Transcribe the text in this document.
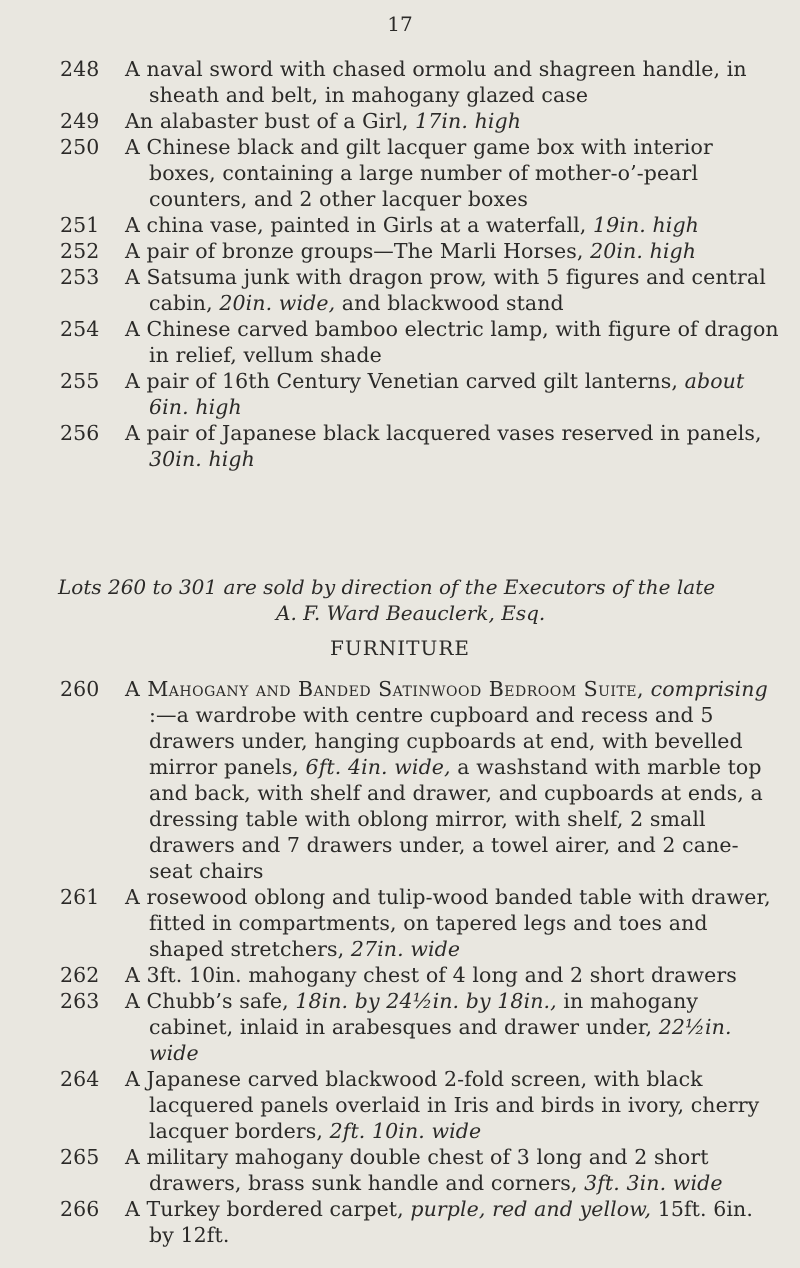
17
248	A naval sword with chased ormolu and shagreen handle, in sheath and belt, in mahogany glazed case
249	An alabaster bust of a Girl, 17in. high
250	A Chinese black and gilt lacquer game box with interior boxes, containing a large number of mother-o’-pearl counters, and 2 other lacquer boxes
251	A china vase, painted in Girls at a waterfall, 19in. high
252	A pair of bronze groups—The Marli Horses, 20in. high
253	A Satsuma junk with dragon prow, with 5 figures and central cabin, 20in. wide, and blackwood stand
254	A Chinese carved bamboo electric lamp, with figure of dragon in relief, vellum shade
255	A pair of 16th Century Venetian carved gilt lanterns, about 6in. high
256	A pair of Japanese black lacquered vases reserved in panels, 30in. high
Lots 260 to 301 are sold by direction of the Executors of the late
A. F. Ward Beauclerk, Esq.
FURNITURE
260	A Mahogany and Banded Satinwood Bedroom Suite, comprising :—a wardrobe with centre cupboard and recess and 5 drawers under, hanging cupboards at end, with bevelled mirror panels, 6ft. 4in. wide, a washstand with marble top and back, with shelf and drawer, and cupboards at ends, a dressing table with oblong mirror, with shelf, 2 small drawers and 7 drawers under, a towel airer, and 2 cane-seat chairs
261	A rosewood oblong and tulip-wood banded table with drawer, fitted in compartments, on tapered legs and toes and shaped stretchers, 27in. wide
262	A 3ft. 10in. mahogany chest of 4 long and 2 short drawers
263	A Chubb’s safe, 18in. by 24½in. by 18in., in mahogany cabinet, inlaid in arabesques and drawer under, 22½in. wide
264	A Japanese carved blackwood 2-fold screen, with black lacquered panels overlaid in Iris and birds in ivory, cherry lacquer borders, 2ft. 10in. wide
265	A military mahogany double chest of 3 long and 2 short drawers, brass sunk handle and corners, 3ft. 3in. wide
266	A Turkey bordered carpet, purple, red and yellow, 15ft. 6in. by 12ft.
